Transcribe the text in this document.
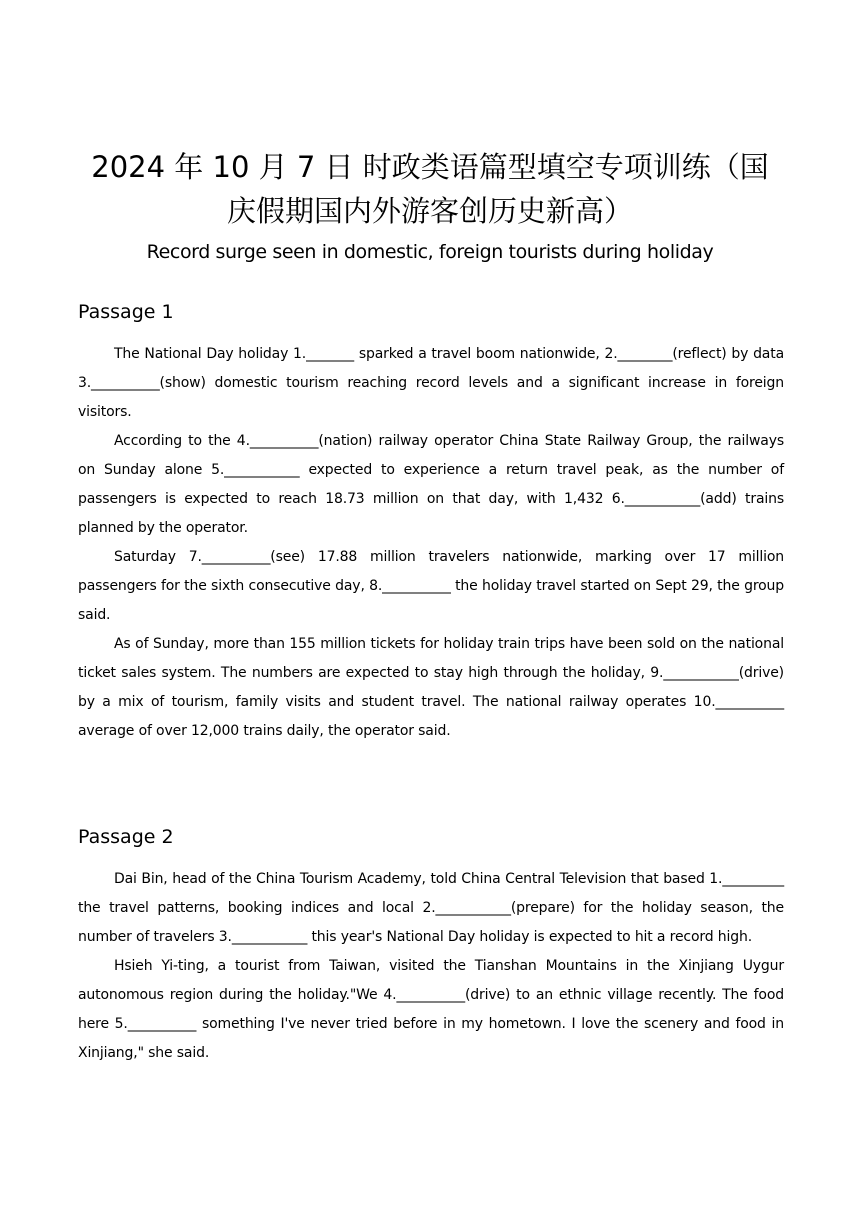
2024 年 10 月 7 日 时政类语篇型填空专项训练（国
庆假期国内外游客创历史新高）
Record surge seen in domestic, foreign tourists during holiday
Passage 1

The National Day holiday 1._______ sparked a travel boom nationwide, 2.________(reflect) by data 3.__________(show) domestic tourism reaching record levels and a significant increase in foreign visitors.

According to the 4.__________(nation) railway operator China State Railway Group, the railways on Sunday alone 5.___________ expected to experience a return travel peak, as the number of passengers is expected to reach 18.73 million on that day, with 1,432 6.___________(add) trains planned by the operator.

Saturday 7.__________(see) 17.88 million travelers nationwide, marking over 17 million passengers for the sixth consecutive day, 8.__________ the holiday travel started on Sept 29, the group said.

As of Sunday, more than 155 million tickets for holiday train trips have been sold on the national ticket sales system. The numbers are expected to stay high through the holiday, 9.___________(drive) by a mix of tourism, family visits and student travel. The national railway operates 10.__________ average of over 12,000 trains daily, the operator said.

Passage 2

Dai Bin, head of the China Tourism Academy, told China Central Television that based 1._________ the travel patterns, booking indices and local 2.___________(prepare) for the holiday season, the number of travelers 3.___________ this year's National Day holiday is expected to hit a record high.

Hsieh Yi-ting, a tourist from Taiwan, visited the Tianshan Mountains in the Xinjiang Uygur autonomous region during the holiday."We 4.__________(drive) to an ethnic village recently. The food here 5.__________ something I've never tried before in my hometown. I love the scenery and food in Xinjiang," she said.
